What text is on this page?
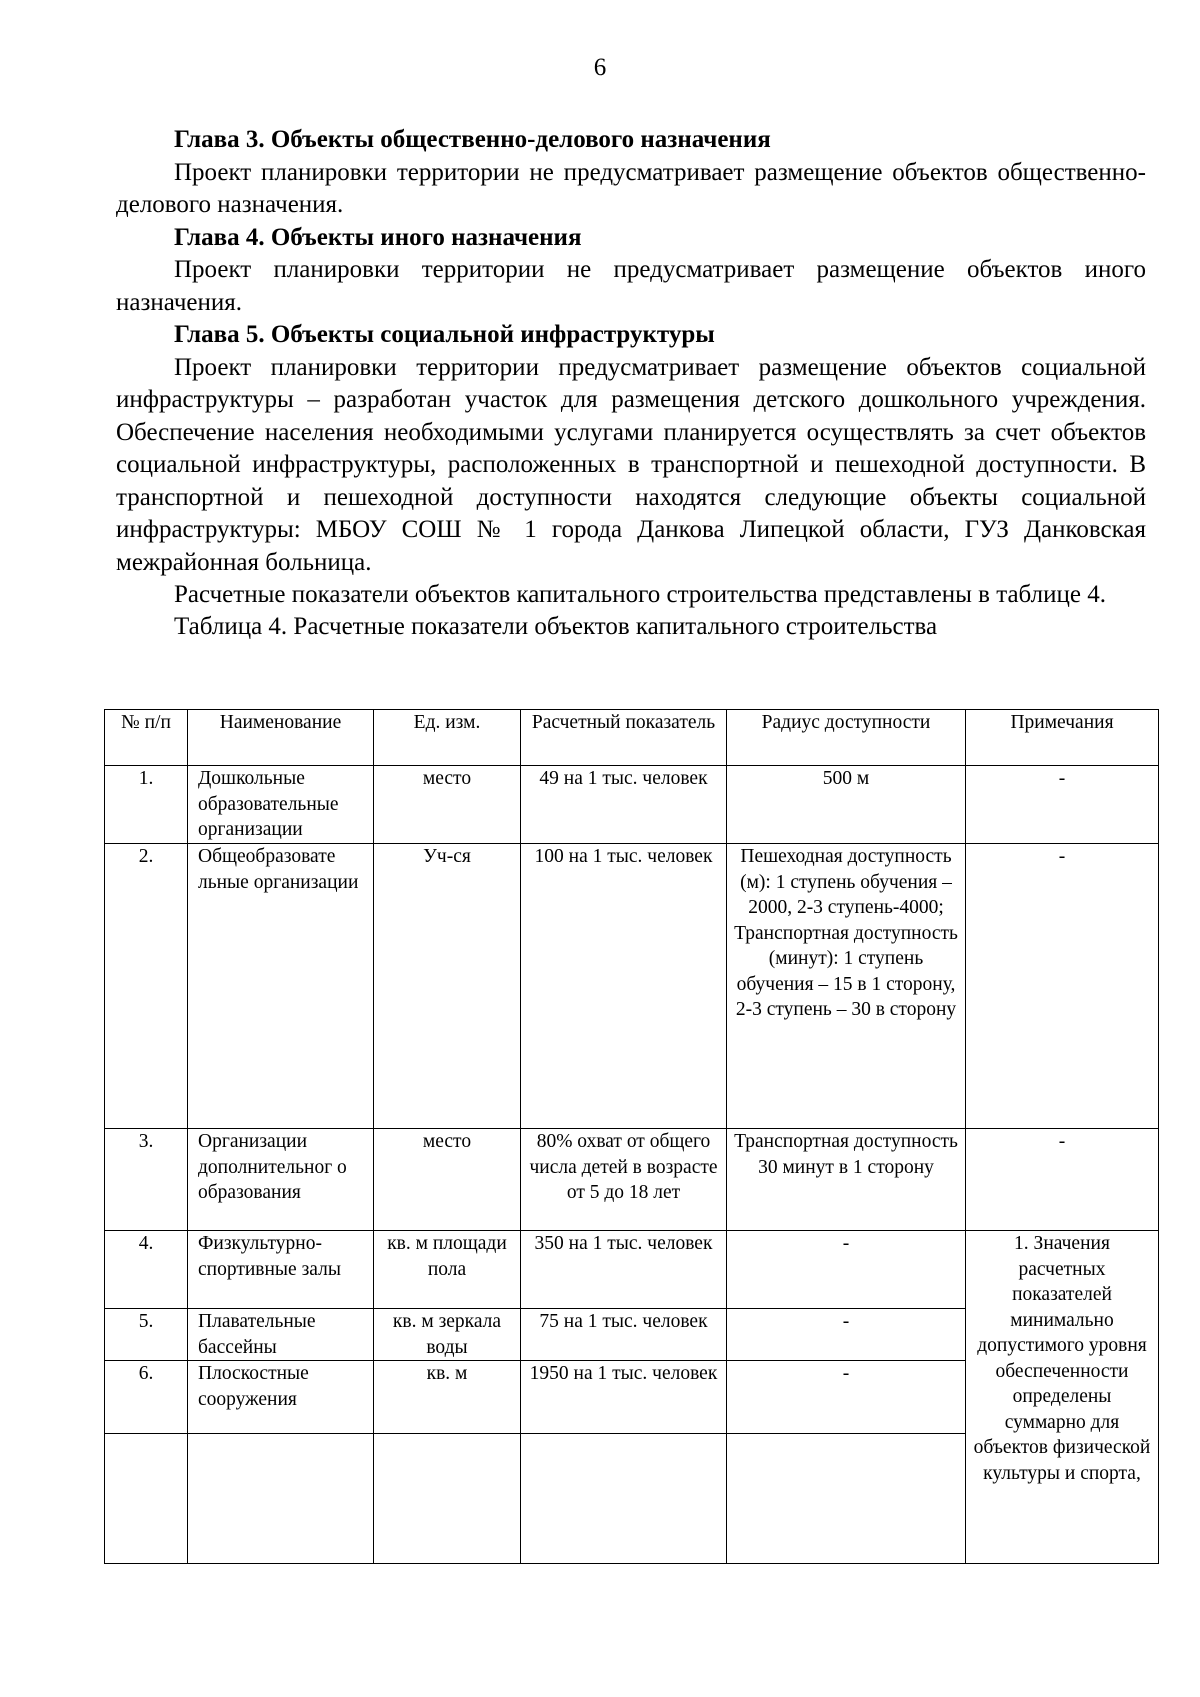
6

Глава 3. Объекты общественно-делового назначения

Проект планировки территории не предусматривает размещение объектов общественно-делового назначения.

Глава 4. Объекты иного назначения

Проект планировки территории не предусматривает размещение объектов иного назначения.

Глава 5. Объекты социальной инфраструктуры

Проект планировки территории предусматривает размещение объектов социальной инфраструктуры – разработан участок для размещения детского дошкольного учреждения. Обеспечение населения необходимыми услугами планируется осуществлять за счет объектов социальной инфраструктуры, расположенных в транспортной и пешеходной доступности. В транспортной и пешеходной доступности находятся следующие объекты социальной инфраструктуры: МБОУ СОШ № 1 города Данкова Липецкой области, ГУЗ Данковская межрайонная больница.

Расчетные показатели объектов капитального строительства представлены в таблице 4.

Таблица 4. Расчетные показатели объектов капитального строительства

№ п/п	Наименование	Ед. изм.	Расчетный показатель	Радиус доступности	Примечания
1.	Дошкольные образовательные организации	место	49 на 1 тыс. человек	500 м	-
2.	Общеобразовате льные организации	Уч-ся	100 на 1 тыс. человек	Пешеходная доступность (м): 1 ступень обучения – 2000, 2-3 ступень-4000; Транспортная доступность (минут): 1 ступень обучения – 15 в 1 сторону, 2-3 ступень – 30 в сторону	-
3.	Организации дополнительног о образования	место	80% охват от общего числа детей в возрасте от 5 до 18 лет	Транспортная доступность 30 минут в 1 сторону	-
4.	Физкультурно-спортивные залы	кв. м площади пола	350 на 1 тыс. человек	-	1. Значения расчетных показателей минимально допустимого уровня обеспеченности определены суммарно для объектов физической культуры и спорта,
5.	Плавательные бассейны	кв. м зеркала воды	75 на 1 тыс. человек	-	
6.	Плоскостные сооружения	кв. м	1950 на 1 тыс. человек	-	
